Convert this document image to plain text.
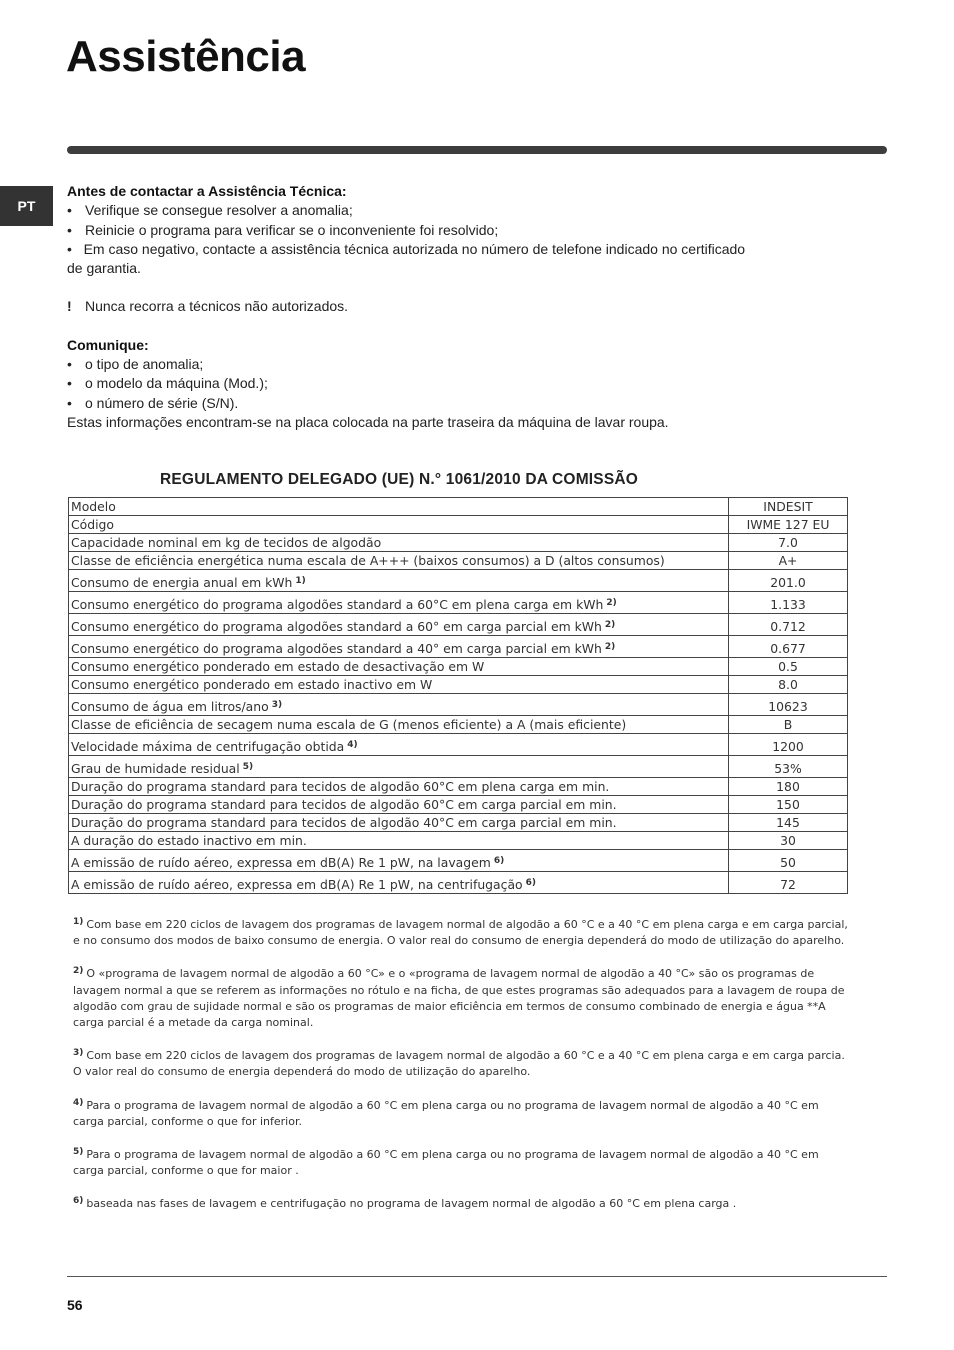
Assistência
PT

Antes de contactar a Assistência Técnica:

• Verifique se consegue resolver a anomalia;
• Reinicie o programa para verificar se o inconveniente foi resolvido;

•   Em caso negativo, contacte a assistência técnica autorizada no número de telefone indicado no certificado de garantia.

! Nunca recorra a técnicos não autorizados.

Comunique:

• o tipo de anomalia;
• o modelo da máquina (Mod.);
• o número de série (S/N).

Estas informações encontram-se na placa colocada na parte traseira da máquina de lavar roupa.

REGULAMENTO DELEGADO (UE) N.° 1061/2010 DA COMISSÃO
Modelo	INDESIT
Código	IWME 127 EU
Capacidade nominal em kg de tecidos de algodão	7.0
Classe de eficiência energética numa escala de A+++ (baixos consumos) a D (altos consumos)	A+
Consumo de energia anual em kWh $^{1)}$	201.0
Consumo energético do programa algodões standard a 60°C em plena carga em kWh $^{2)}$	1.133
Consumo energético do programa algodões standard a 60° em carga parcial em kWh $^{2)}$	0.712
Consumo energético do programa algodões standard a 40° em carga parcial em kWh $^{2)}$	0.677
Consumo energético ponderado em estado de desactivação em W	0.5
Consumo energético ponderado em estado inactivo em W	8.0
Consumo de água em litros/ano $^{3)}$	10623
Classe de eficiência de secagem numa escala de G (menos eficiente) a A (mais eficiente)	B
Velocidade máxima de centrifugação obtida $^{4)}$	1200
Grau de humidade residual $^{5)}$	53%
Duração do programa standard para tecidos de algodão 60°C em plena carga em min.	180
Duração do programa standard para tecidos de algodão 60°C em carga parcial em min.	150
Duração do programa standard para tecidos de algodão 40°C em carga parcial em min.	145
A duração do estado inactivo em min.	30
A emissão de ruído aéreo, expressa em dB(A) Re 1 pW, na lavagem $^{6)}$	50
A emissão de ruído aéreo, expressa em dB(A) Re 1 pW, na centrifugação $^{6)}$	72

$^{1)}$ Com base em 220 ciclos de lavagem dos programas de lavagem normal de algodão a 60 °C e a 40 °C em plena carga e em carga parcial, e no consumo dos modos de baixo consumo de energia. O valor real do consumo de energia dependerá do modo de utilização do aparelho.

$^{2)}$ O «programa de lavagem normal de algodão a 60 °C» e o «programa de lavagem normal de algodão a 40 °C» são os programas de lavagem normal a que se referem as informações no rótulo e na ficha, de que estes programas são adequados para a lavagem de roupa de algodão com grau de sujidade normal e são os programas de maior eficiência em termos de consumo combinado de energia e água **A carga parcial é a metade da carga nominal.

$^{3)}$ Com base em 220 ciclos de lavagem dos programas de lavagem normal de algodão a 60 °C e a 40 °C em plena carga e em carga parcia. O valor real do consumo de energia dependerá do modo de utilização do aparelho.

$^{4)}$ Para o programa de lavagem normal de algodão a 60 °C em plena carga ou no programa de lavagem normal de algodão a 40 °C em carga parcial, conforme o que for inferior.

$^{5)}$ Para o programa de lavagem normal de algodão a 60 °C em plena carga ou no programa de lavagem normal de algodão a 40 °C em carga parcial, conforme o que for maior .

$^{6)}$ baseada nas fases de lavagem e centrifugação no programa de lavagem normal de algodão a 60 °C em plena carga .

56
